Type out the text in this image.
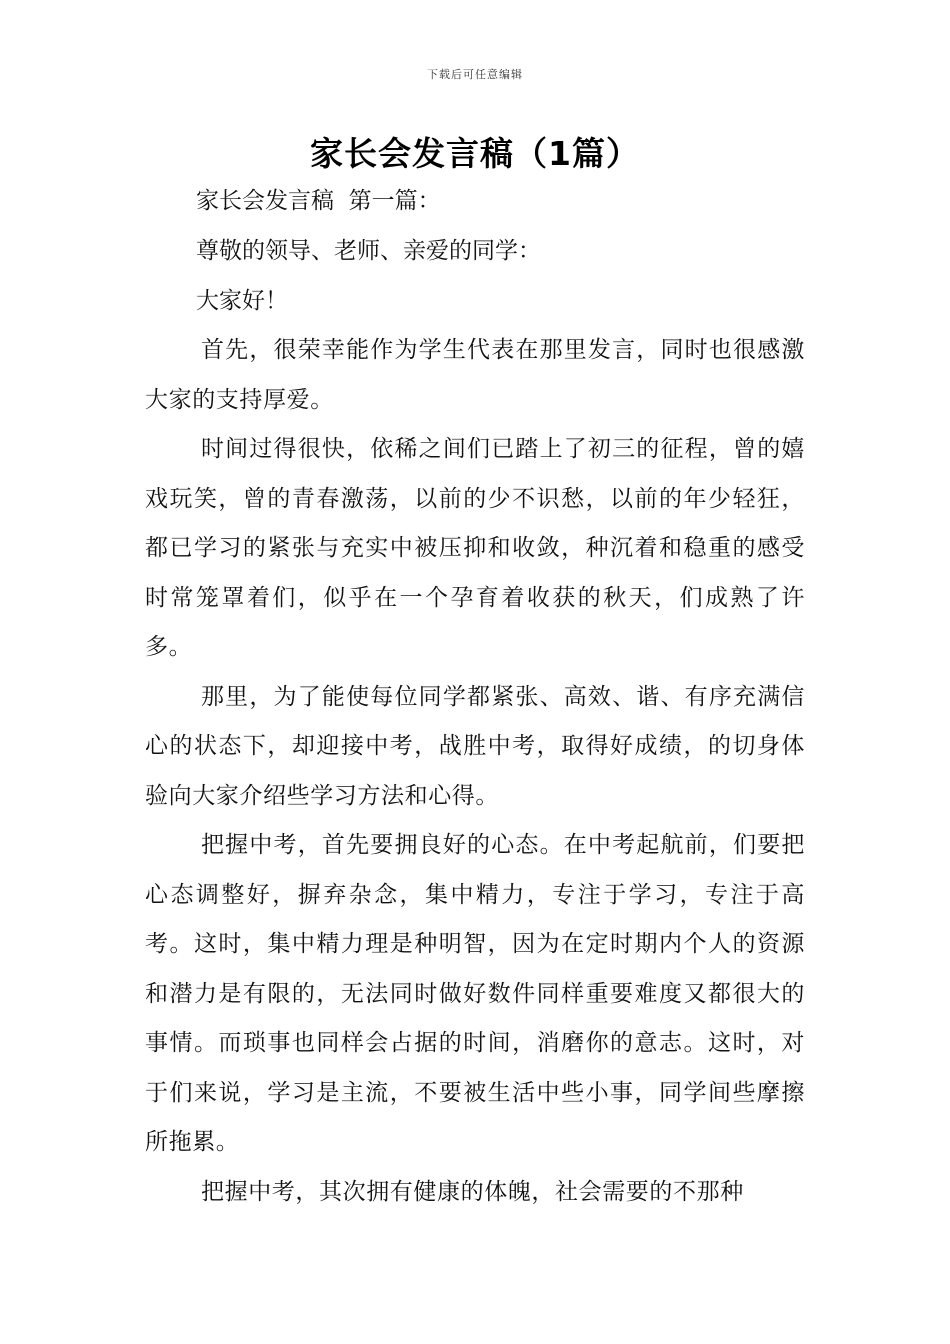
下载后可任意编辑
家长会发言稿（1篇）

家长会发言稿  第一篇：

尊敬的领导、老师、亲爱的同学：

大家好！

首先，很荣幸能作为学生代表在那里发言，同时也很感激大家的支持厚爱。

时间过得很快，依稀之间们已踏上了初三的征程，曾的嬉戏玩笑，曾的青春激荡，以前的少不识愁，以前的年少轻狂，都已学习的紧张与充实中被压抑和收敛，种沉着和稳重的感受时常笼罩着们，似乎在一个孕育着收获的秋天，们成熟了许多。

那里，为了能使每位同学都紧张、高效、谐、有序充满信心的状态下，却迎接中考，战胜中考，取得好成绩，的切身体验向大家介绍些学习方法和心得。

把握中考，首先要拥良好的心态。在中考起航前，们要把心态调整好，摒弃杂念，集中精力，专注于学习，专注于高考。这时，集中精力理是种明智，因为在定时期内个人的资源和潜力是有限的，无法同时做好数件同样重要难度又都很大的事情。而琐事也同样会占据的时间，消磨你的意志。这时，对于们来说，学习是主流，不要被生活中些小事，同学间些摩擦所拖累。

把握中考，其次拥有健康的体魄，社会需要的不那种
